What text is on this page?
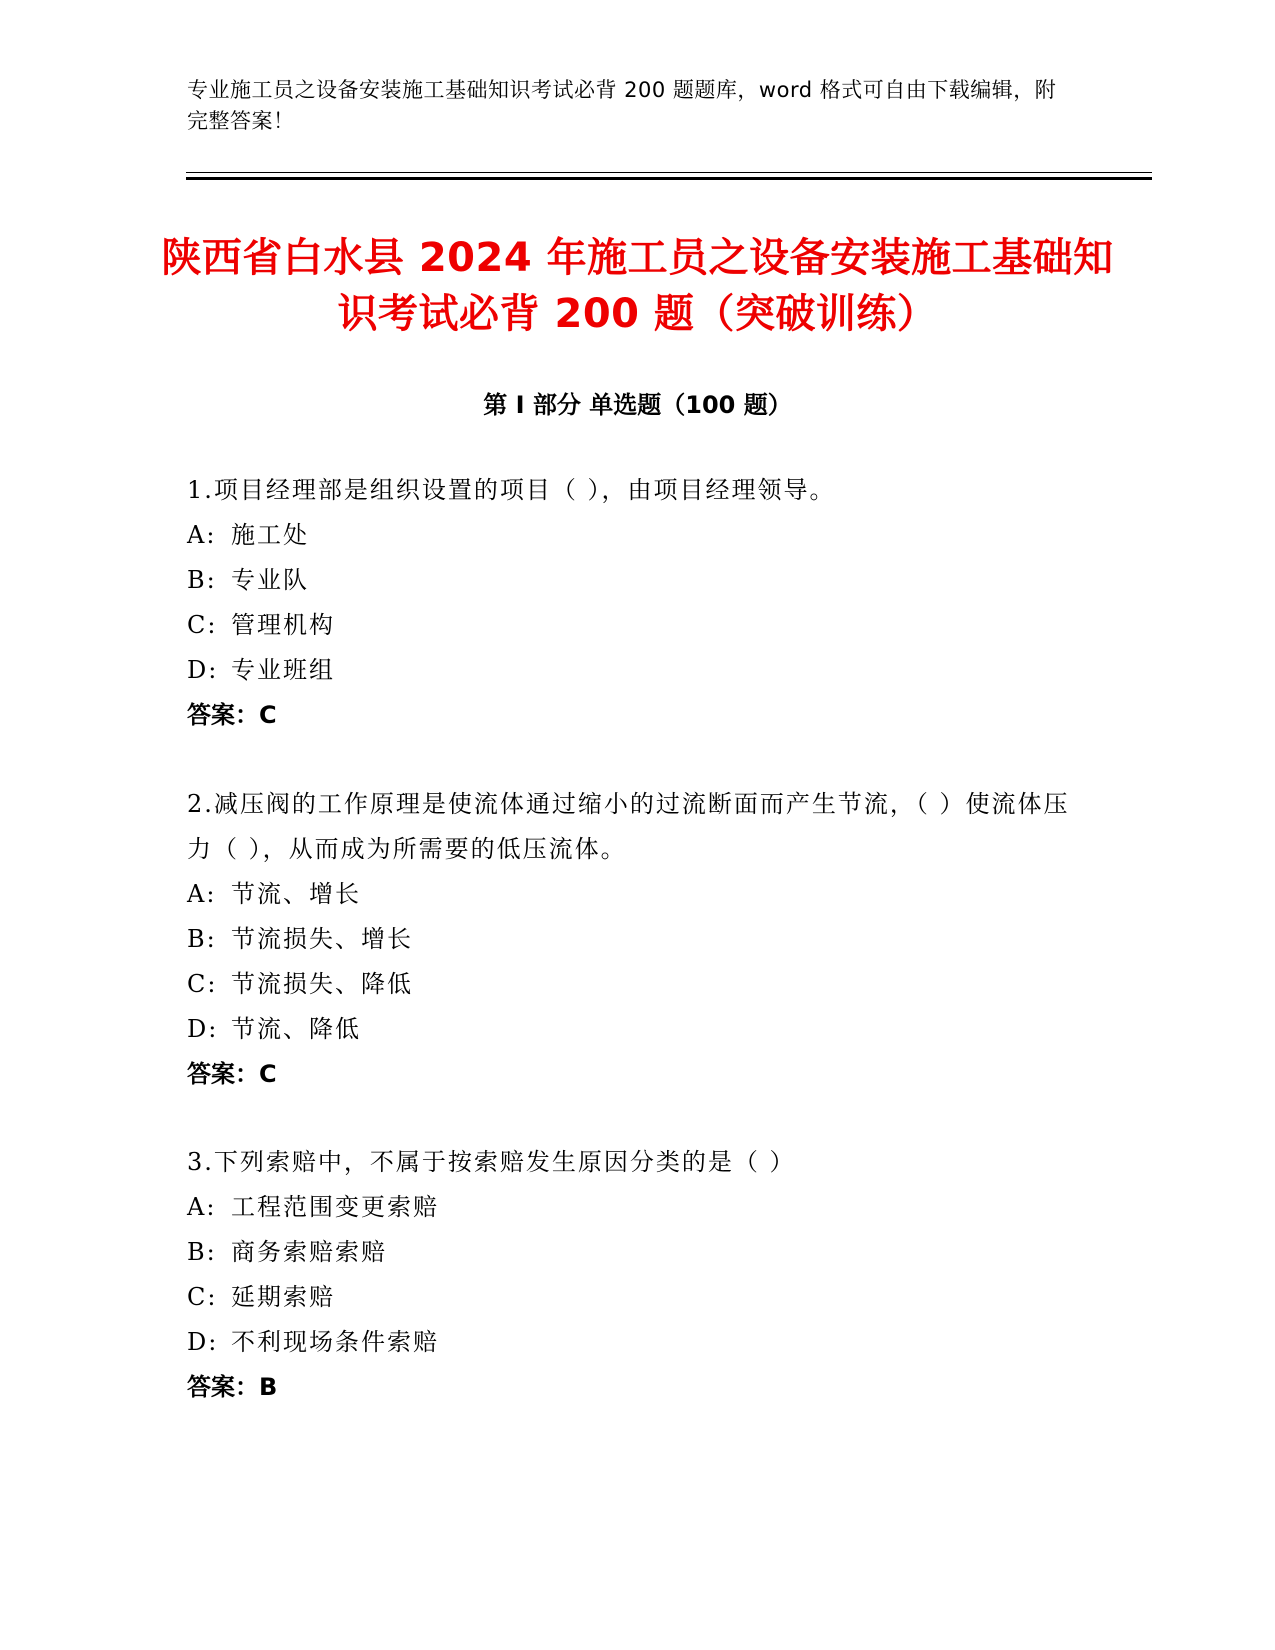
专业施工员之设备安装施工基础知识考试必背 200 题题库，word 格式可自由下载编辑，附完整答案！
陕西省白水县 2024 年施工员之设备安装施工基础知识考试必背 200 题（突破训练）
第 I 部分 单选题（100 题）
1.项目经理部是组织设置的项目（ ），由项目经理领导。
A: 施工处
B: 专业队
C: 管理机构
D: 专业班组
答案：C
2.减压阀的工作原理是使流体通过缩小的过流断面而产生节流，（ ）使流体压力（ ），从而成为所需要的低压流体。
A: 节流、增长
B: 节流损失、增长
C: 节流损失、降低
D: 节流、降低
答案：C
3.下列索赔中，不属于按索赔发生原因分类的是（ ）
A: 工程范围变更索赔
B: 商务索赔索赔
C: 延期索赔
D: 不利现场条件索赔
答案：B
